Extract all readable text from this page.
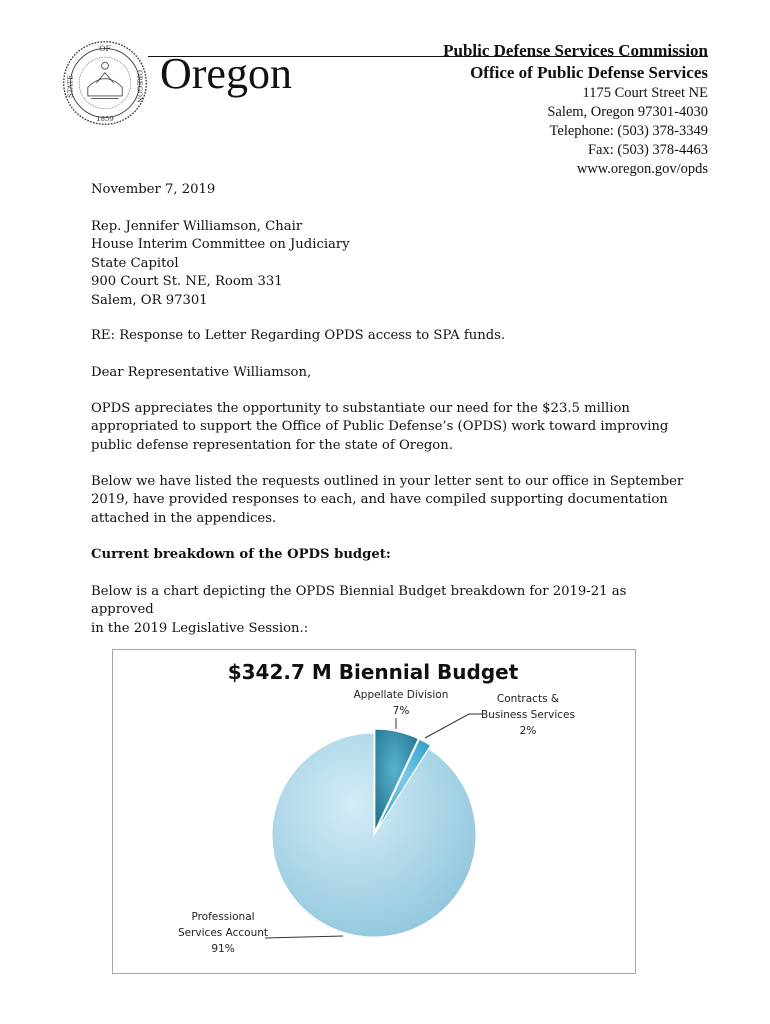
OF
STATE	OREGON
1859
Oregon	Public Defense Services Commission
Office of Public Defense Services
1175 Court Street NE
Salem, Oregon 97301-4030
Telephone: (503) 378-3349
Fax: (503) 378-4463
www.oregon.gov/opds
November 7, 2019
Rep. Jennifer Williamson, Chair
House Interim Committee on Judiciary
State Capitol
900 Court St. NE, Room 331
Salem, OR 97301
RE: Response to Letter Regarding OPDS access to SPA funds.
Dear Representative Williamson,
OPDS appreciates the opportunity to substantiate our need for the $23.5 million
appropriated to support the Office of Public Defense’s (OPDS) work toward improving
public defense representation for the state of Oregon.
Below we have listed the requests outlined in your letter sent to our office in September
2019, have provided responses to each, and have compiled supporting documentation
attached in the appendices.
Current breakdown of the OPDS budget:
Below is a chart depicting the OPDS Biennial Budget breakdown for 2019-21 as approved
in the 2019 Legislative Session.:
$342.7 M Biennial Budget
Appellate Division
7%
Contracts &
Business Services
2%
Professional
Services Account
91%
